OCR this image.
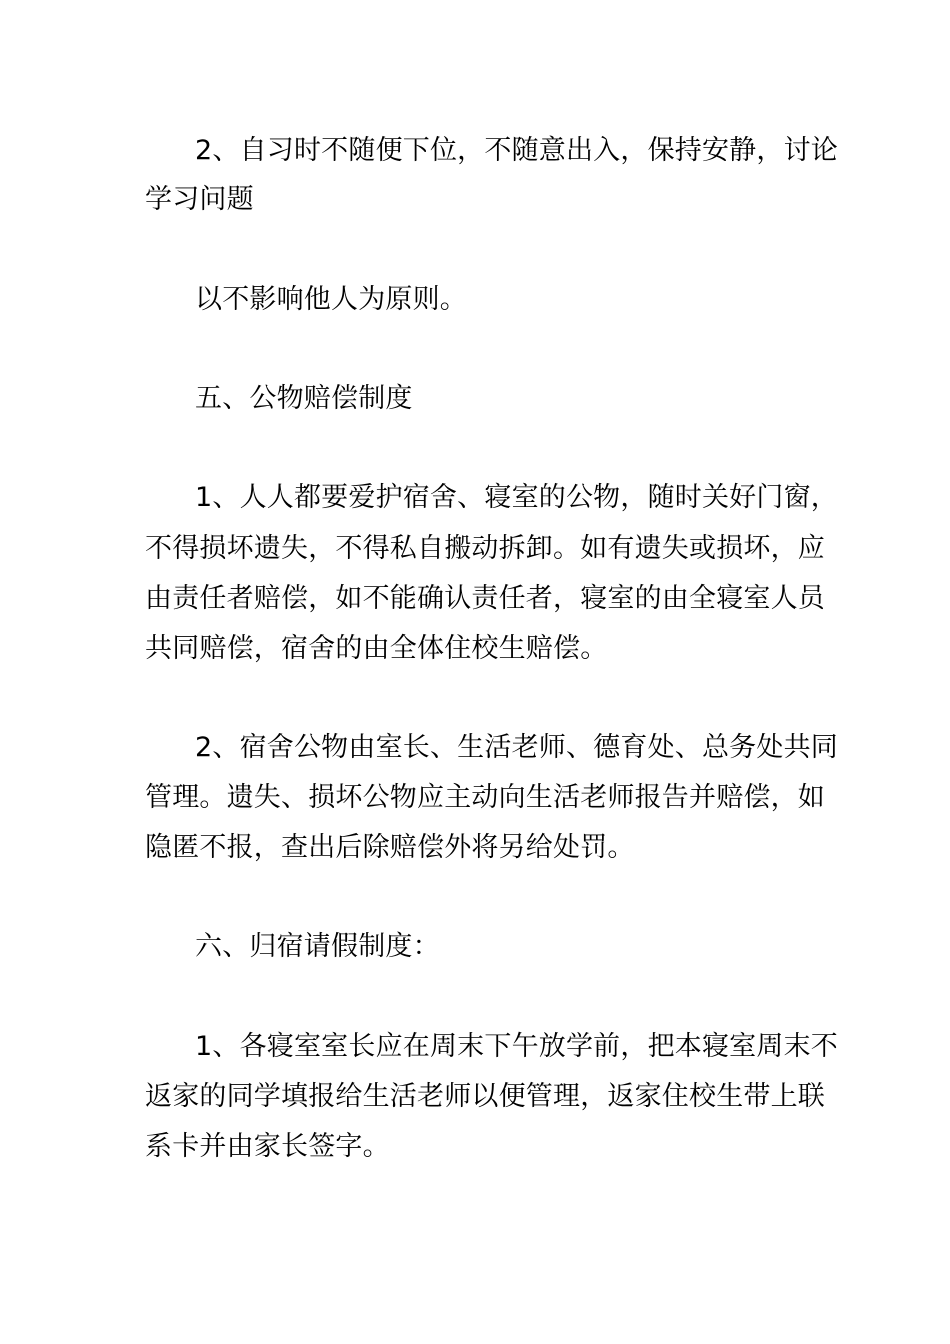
2、自习时不随便下位，不随意出入，保持安静，讨论
学习问题
以不影响他人为原则。
五、公物赔偿制度
1、人人都要爱护宿舍、寝室的公物，随时关好门窗，
不得损坏遗失，不得私自搬动拆卸。如有遗失或损坏，应
由责任者赔偿，如不能确认责任者，寝室的由全寝室人员
共同赔偿，宿舍的由全体住校生赔偿。
2、宿舍公物由室长、生活老师、德育处、总务处共同
管理。遗失、损坏公物应主动向生活老师报告并赔偿，如
隐匿不报，查出后除赔偿外将另给处罚。
六、归宿请假制度：
1、各寝室室长应在周末下午放学前，把本寝室周末不
返家的同学填报给生活老师以便管理，返家住校生带上联
系卡并由家长签字。
